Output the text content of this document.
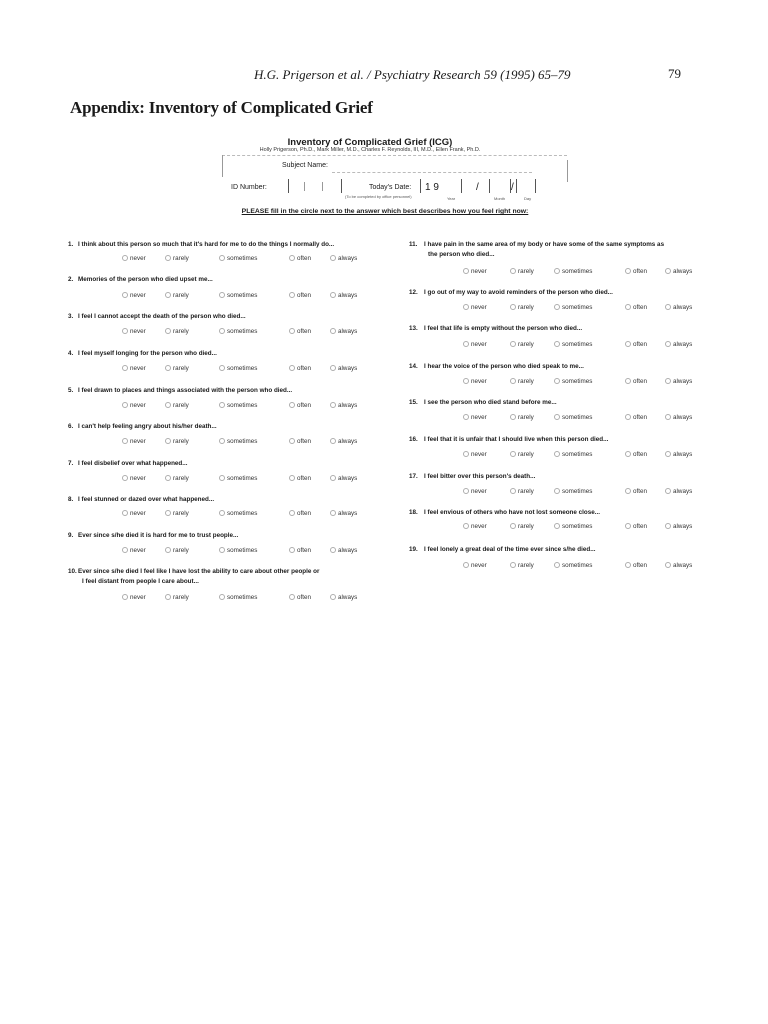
H.G. Prigerson et al. / Psychiatry Research 59 (1995) 65–79	79
Appendix: Inventory of Complicated Grief
Inventory of Complicated Grief (ICG)
Holly Prigerson, Ph.D., Mark Miller, M.D., Charles F. Reynolds, III, M.D., Ellen Frank, Ph.D.
Subject Name:
ID Number:	Today's Date:
(To be completed by office personnel)
1 9	/	/
Year	Month	Day
PLEASE fill in the circle next to the answer which best describes how you feel right now:
1. I think about this person so much that it's hard for me to do the things I normally do...
never	rarely	sometimes	often	always
2. Memories of the person who died upset me...
never	rarely	sometimes	often	always
3. I feel I cannot accept the death of the person who died...
never	rarely	sometimes	often	always
4. I feel myself longing for the person who died...
never	rarely	sometimes	often	always
5. I feel drawn to places and things associated with the person who died...
never	rarely	sometimes	often	always
6. I can't help feeling angry about his/her death...
never	rarely	sometimes	often	always
7. I feel disbelief over what happened...
never	rarely	sometimes	often	always
8. I feel stunned or dazed over what happened...
never	rarely	sometimes	often	always
9. Ever since s/he died it is hard for me to trust people...
never	rarely	sometimes	often	always
10. Ever since s/he died I feel like I have lost the ability to care about other people or
I feel distant from people I care about...
never	rarely	sometimes	often	always
11. I have pain in the same area of my body or have some of the same symptoms as
the person who died...
never	rarely	sometimes	often	always
12. I go out of my way to avoid reminders of the person who died...
never	rarely	sometimes	often	always
13. I feel that life is empty without the person who died...
never	rarely	sometimes	often	always
14. I hear the voice of the person who died speak to me...
never	rarely	sometimes	often	always
15. I see the person who died stand before me...
never	rarely	sometimes	often	always
16. I feel that it is unfair that I should live when this person died...
never	rarely	sometimes	often	always
17. I feel bitter over this person's death...
never	rarely	sometimes	often	always
18. I feel envious of others who have not lost someone close...
never	rarely	sometimes	often	always
19. I feel lonely a great deal of the time ever since s/he died...
never	rarely	sometimes	often	always
